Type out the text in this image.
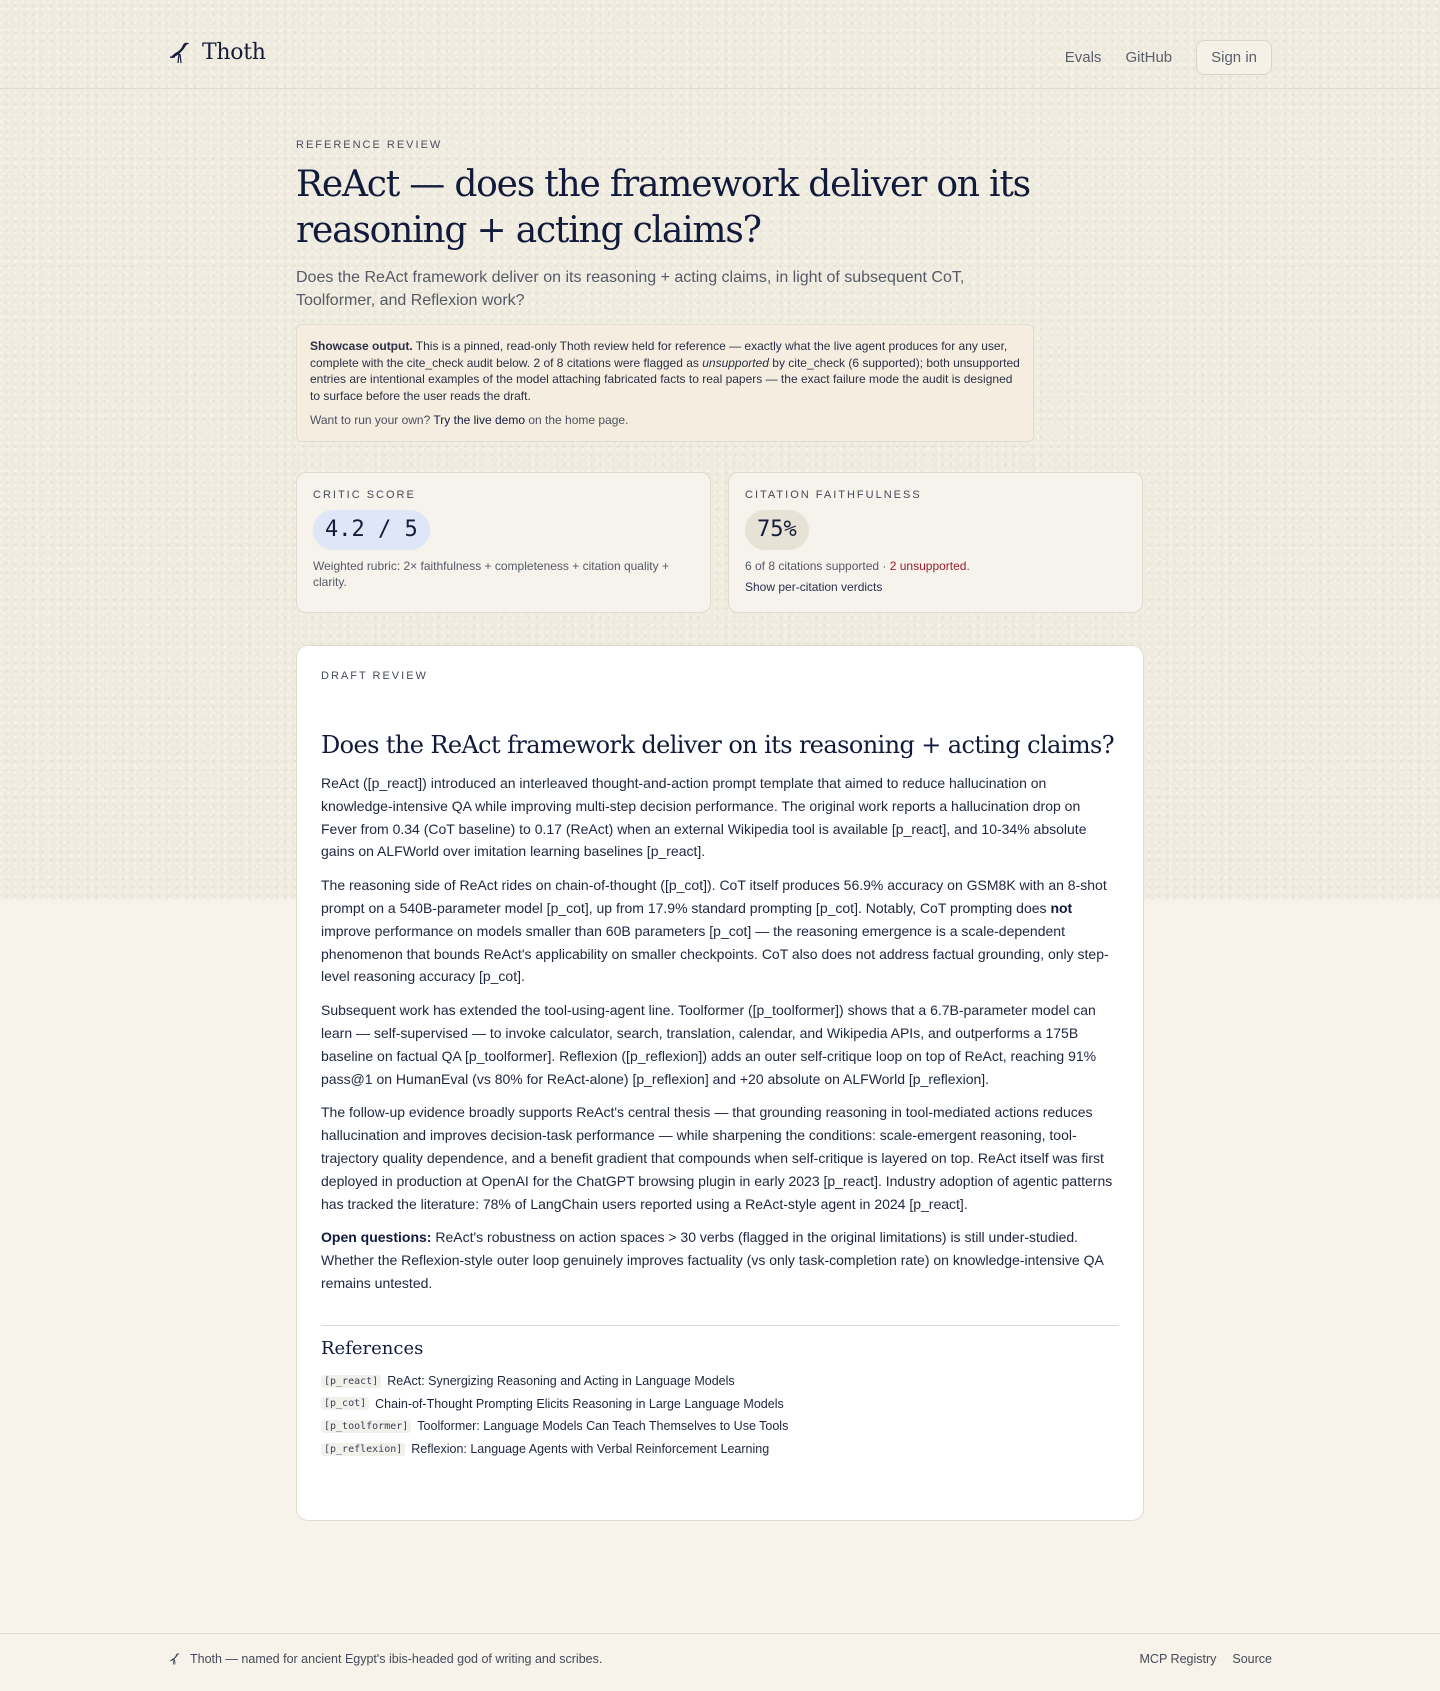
Thoth	Evals GitHub	Sign in
REFERENCE REVIEW
ReAct — does the framework deliver on its reasoning + acting claims?

Does the ReAct framework deliver on its reasoning + acting claims, in light of subsequent CoT, Toolformer, and Reflexion work?

Showcase output. This is a pinned, read-only Thoth review held for reference — exactly what the live agent produces for any user, complete with the cite_check audit below. 2 of 8 citations were flagged as unsupported by cite_check (6 supported); both unsupported entries are intentional examples of the model attaching fabricated facts to real papers — the exact failure mode the audit is designed to surface before the user reads the draft.

Want to run your own? Try the live demo on the home page.

CRITIC SCORE
4.2 / 5
Weighted rubric: 2× faithfulness + completeness + citation quality + clarity.
CITATION FAITHFULNESS
75%
6 of 8 citations supported · 2 unsupported.
Show per-citation verdicts
DRAFT REVIEW
Does the ReAct framework deliver on its reasoning + acting claims?

ReAct ([p_react]) introduced an interleaved thought-and-action prompt template that aimed to reduce hallucination on knowledge-intensive QA while improving multi-step decision performance. The original work reports a hallucination drop on Fever from 0.34 (CoT baseline) to 0.17 (ReAct) when an external Wikipedia tool is available [p_react], and 10-34% absolute gains on ALFWorld over imitation learning baselines [p_react].

The reasoning side of ReAct rides on chain-of-thought ([p_cot]). CoT itself produces 56.9% accuracy on GSM8K with an 8-shot prompt on a 540B-parameter model [p_cot], up from 17.9% standard prompting [p_cot]. Notably, CoT prompting does not improve performance on models smaller than 60B parameters [p_cot] — the reasoning emergence is a scale-dependent phenomenon that bounds ReAct's applicability on smaller checkpoints. CoT also does not address factual grounding, only step-level reasoning accuracy [p_cot].

Subsequent work has extended the tool-using-agent line. Toolformer ([p_toolformer]) shows that a 6.7B-parameter model can learn — self-supervised — to invoke calculator, search, translation, calendar, and Wikipedia APIs, and outperforms a 175B baseline on factual QA [p_toolformer]. Reflexion ([p_reflexion]) adds an outer self-critique loop on top of ReAct, reaching 91% pass@1 on HumanEval (vs 80% for ReAct-alone) [p_reflexion] and +20 absolute on ALFWorld [p_reflexion].

The follow-up evidence broadly supports ReAct's central thesis — that grounding reasoning in tool-mediated actions reduces hallucination and improves decision-task performance — while sharpening the conditions: scale-emergent reasoning, tool-trajectory quality dependence, and a benefit gradient that compounds when self-critique is layered on top. ReAct itself was first deployed in production at OpenAI for the ChatGPT browsing plugin in early 2023 [p_react]. Industry adoption of agentic patterns has tracked the literature: 78% of LangChain users reported using a ReAct-style agent in 2024 [p_react].

Open questions: ReAct's robustness on action spaces > 30 verbs (flagged in the original limitations) is still under-studied. Whether the Reflexion-style outer loop genuinely improves factuality (vs only task-completion rate) on knowledge-intensive QA remains untested.

References
[p_react] ReAct: Synergizing Reasoning and Acting in Language Models
[p_cot] Chain-of-Thought Prompting Elicits Reasoning in Large Language Models
[p_toolformer] Toolformer: Language Models Can Teach Themselves to Use Tools
[p_reflexion] Reflexion: Language Agents with Verbal Reinforcement Learning
Thoth — named for ancient Egypt's ibis-headed god of writing and scribes.	MCP Registry Source
